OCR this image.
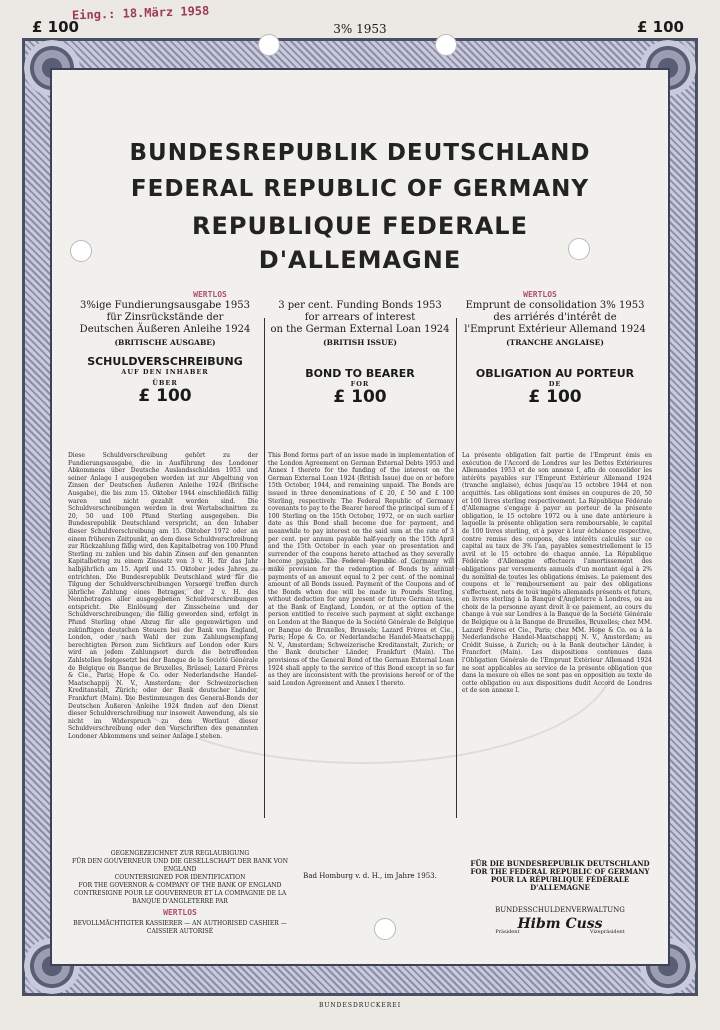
Eing.: 18.März 1958
£ 100	3% 1953	£ 100
BUNDESREPUBLIK DEUTSCHLAND
FEDERAL REPUBLIC OF GERMANY
REPUBLIQUE FEDERALE
D'ALLEMAGNE
WERTLOS	WERTLOS
3%ige Fundierungsausgabe 1953
für Zinsrückstände der
Deutschen Äußeren Anleihe 1924
(BRITISCHE AUSGABE)
SCHULDVERSCHREIBUNG
AUF DEN INHABER
ÜBER
£ 100
3 per cent. Funding Bonds 1953
for arrears of interest
on the German External Loan 1924
(BRITISH ISSUE)
BOND TO BEARER
FOR
£ 100
Emprunt de consolidation 3% 1953
des arriérés d'intérêt de
l'Emprunt Extérieur Allemand 1924
(TRANCHE ANGLAISE)
OBLIGATION AU PORTEUR
DE
£ 100
Diese Schuldverschreibung gehört zu der Fundierungsausgabe, die in Ausführung des Londoner Abkommens über Deutsche Auslandsschulden 1953 und seiner Anlage I ausgegeben worden ist zur Abgeltung von Zinsen der Deutschen Äußeren Anleihe 1924 (Britische Ausgabe), die bis zum 15. Oktober 1944 einschließlich fällig waren und nicht gezahlt worden sind. Die Schuldverschreibungen werden in drei Wertabschnitten zu 20, 50 und 100 Pfund Sterling ausgegeben. Die Bundesrepublik Deutschland verspricht, an den Inhaber dieser Schuldverschreibung am 15. Oktober 1972 oder an einem früheren Zeitpunkt, an dem diese Schuldverschreibung zur Rückzahlung fällig wird, den Kapitalbetrag von 100 Pfund Sterling zu zahlen und bis dahin Zinsen auf den genannten Kapitalbetrag zu einem Zinssatz von 3 v. H. für das Jahr halbjährlich am 15. April und 15. Oktober jedes Jahres zu entrichten. Die Bundesrepublik Deutschland wird für die Tilgung der Schuldverschreibungen Vorsorge treffen durch jährliche Zahlung eines Betrages, der 2 v. H. des Nennbetrages aller ausgegebenen Schuldverschreibungen entspricht. Die Einlösung der Zinsscheine und der Schuldverschreibungen, die fällig geworden sind, erfolgt in Pfund Sterling ohne Abzug für alle gegenwärtigen und zukünftigen deutschen Steuern bei der Bank von England, London, oder nach Wahl der zum Zahlungsempfang berechtigten Person zum Sichtkurs auf London oder Kurs wird an jedem Zahlungsort durch die betreffenden Zahlstellen festgesetzt bei der Banque de la Société Générale de Belgique ou Banque de Bruxelles, Brüssel; Lazard Frères & Cie., Paris; Hope & Co. oder Nederlandsche Handel-Maatschappij N. V., Amsterdam; der Schweizerischen Kreditanstalt, Zürich; oder der Bank deutscher Länder, Frankfurt (Main). Die Bestimmungen des General-Bonds der Deutschen Äußeren Anleihe 1924 finden auf den Dienst dieser Schuldverschreibung nur insoweit Anwendung, als sie nicht im Widerspruch zu dem Wortlaut dieser Schuldverschreibung oder den Vorschriften des genannten Londoner Abkommens und seiner Anlage I stehen.
This Bond forms part of an issue made in implementation of the London Agreement on German External Debts 1953 and Annex I thereto for the funding of the interest on the German External Loan 1924 (British Issue) due on or before 15th October, 1944, and remaining unpaid. The Bonds are issued in three denominations of £ 20, £ 50 and £ 100 Sterling, respectively. The Federal Republic of Germany covenants to pay to the Bearer hereof the principal sum of £ 100 Sterling on the 15th October, 1972, or on such earlier date as this Bond shall become due for payment, and meanwhile to pay interest on the said sum at the rate of 3 per cent. per annum payable half-yearly on the 15th April and the 15th October in each year on presentation and surrender of the coupons hereto attached as they severally become payable. The Federal Republic of Germany will make provision for the redemption of Bonds by annual payments of an amount equal to 2 per cent. of the nominal amount of all Bonds issued. Payment of the Coupons and of the Bonds when due will be made in Pounds Sterling, without deduction for any present or future German taxes, at the Bank of England, London, or at the option of the person entitled to receive such payment at sight exchange on London at the Banque de la Société Générale de Belgique or Banque de Bruxelles, Brussels; Lazard Frères et Cie., Paris; Hope & Co. or Nederlandsche Handel-Maatschappij N. V., Amsterdam; Schweizerische Kreditanstalt, Zurich; or the Bank deutscher Länder, Frankfurt (Main). The provisions of the General Bond of the German External Loan 1924 shall apply to the service of this Bond except in so far as they are inconsistent with the provisions hereof or of the said London Agreement and Annex I thereto.
La présente obligation fait partie de l'Emprunt émis en exécution de l'Accord de Londres sur les Dettes Extérieures Allemandes 1953 et de son annexe I, afin de consolider les intérêts payables sur l'Emprunt Extérieur Allemand 1924 (tranche anglaise), échus jusqu'au 15 octobre 1944 et non acquittés. Les obligations sont émises en coupures de 20, 50 et 100 livres sterling respectivement. La République Fédérale d'Allemagne s'engage à payer au porteur de la présente obligation, le 15 octobre 1972 ou à une date antérieure à laquelle la présente obligation sera remboursable, le capital de 100 livres sterling, et à payer à leur échéance respective, contre remise des coupons, des intérêts calculés sur ce capital au taux de 3% l'an, payables semestriellement le 15 avril et le 15 octobre de chaque année. La République Fédérale d'Allemagne effectuera l'amortissement des obligations par versements annuels d'un montant égal à 2% du nominal de toutes les obligations émises. Le paiement des coupons et le remboursement au pair des obligations s'effectuent, nets de tous impôts allemands présents et futurs, en livres sterling à la Banque d'Angleterre à Londres, ou au choix de la personne ayant droit à ce paiement, au cours du change à vue sur Londres à la Banque de la Société Générale de Belgique ou à la Banque de Bruxelles, Bruxelles; chez MM. Lazard Frères et Cie., Paris; chez MM. Hope & Co. ou à la Nederlandsche Handel-Maatschappij N. V., Amsterdam; au Crédit Suisse, à Zurich; ou à la Bank deutscher Länder, à Francfort (Main). Les dispositions contenues dans l'Obligation Générale de l'Emprunt Extérieur Allemand 1924 ne sont applicables au service de la présente obligation que dans la mesure où elles ne sont pas en opposition au texte de cette obligation ou aux dispositions dudit Accord de Londres et de son annexe I.
GEGENGEZEICHNET ZUR REGLAUBIGUNG
FÜR DEN GOUVERNEUR UND DIE GESELLSCHAFT DER BANK VON ENGLAND
COUNTERSIGNED FOR IDENTIFICATION
FOR THE GOVERNOR & COMPANY OF THE BANK OF ENGLAND
CONTRESIGNE POUR LE GOUVERNEUR ET LA COMPAGNIE DE LA BANQUE D'ANGLETERRE PAR
WERTLOS
BEVOLLMÄCHTIGTER KASSIERER — AN AUTHORISED CASHIER — CAISSIER AUTORISÉ
Bad Homburg v. d. H., im Jahre 1953.
FÜR DIE BUNDESREPUBLIK DEUTSCHLAND
FOR THE FEDERAL REPUBLIC OF GERMANY
POUR LA RÉPUBLIQUE FÉDÉRALE D'ALLEMAGNE
BUNDESSCHULDENVERWALTUNG
Hibm Cuss
Präsident	Vizepräsident
BUNDESDRUCKEREI
